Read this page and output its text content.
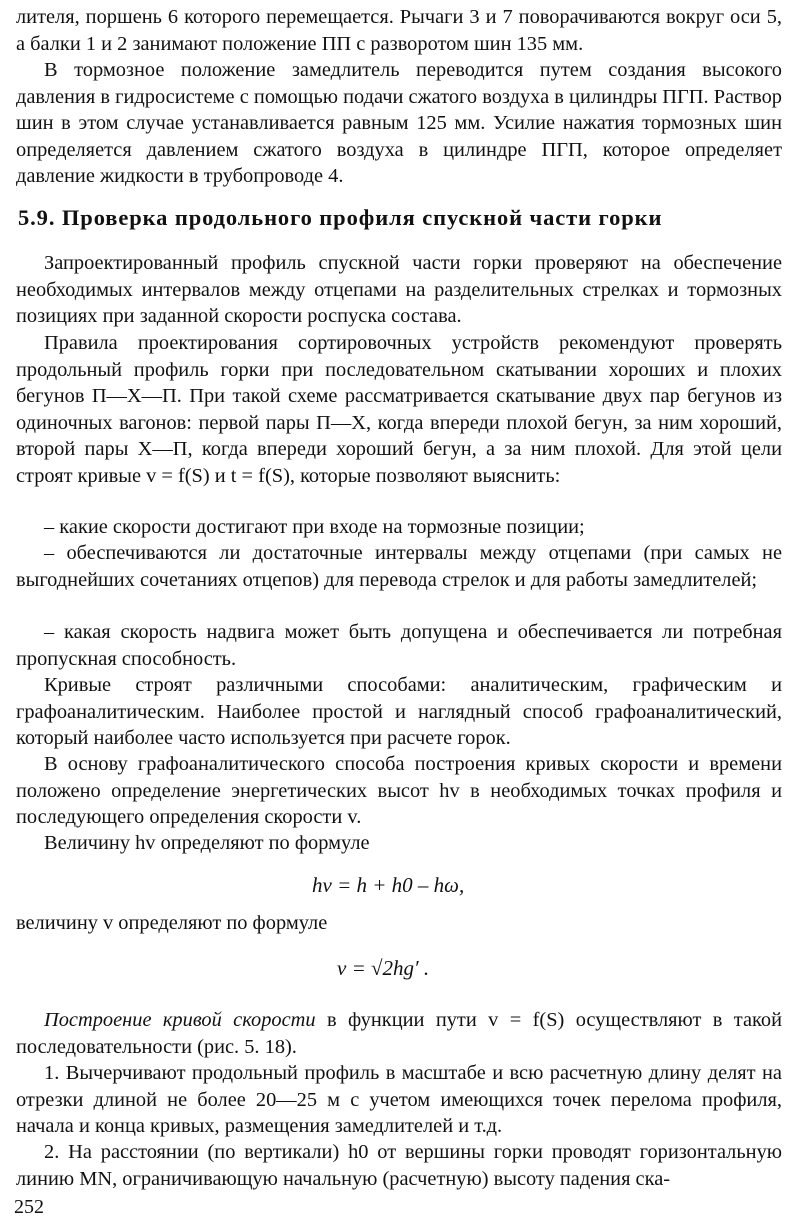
лителя, поршень 6 которого перемещается. Рычаги 3 и 7 поворачиваются вокруг оси 5, а балки 1 и 2 занимают положение ПП с разворотом шин 135 мм.

В тормозное положение замедлитель переводится путем создания высокого давления в гидросистеме с помощью подачи сжатого воздуха в цилиндры ПГП. Раствор шин в этом случае устанавливается равным 125 мм. Усилие нажатия тормозных шин определяется давлением сжатого воздуха в цилиндре ПГП, которое определяет давление жидкости в трубопроводе 4.

5.9. Проверка продольного профиля спускной части горки

Запроектированный профиль спускной части горки проверяют на обеспечение необходимых интервалов между отцепами на разделительных стрелках и тормозных позициях при заданной скорости роспуска состава.

Правила проектирования сортировочных устройств рекомендуют проверять продольный профиль горки при последовательном скатывании хороших и плохих бегунов П—Х—П. При такой схеме рассматривается скатывание двух пар бегунов из одиночных вагонов: первой пары П—Х, когда впереди плохой бегун, за ним хороший, второй пары Х—П, когда впереди хороший бегун, а за ним плохой. Для этой цели строят кривые v = f(S) и t = f(S), которые позволяют выяснить:

– какие скорости достигают при входе на тормозные позиции;

– обеспечиваются ли достаточные интервалы между отцепами (при самых не выгоднейших сочетаниях отцепов) для перевода стрелок и для работы замедлителей;

– какая скорость надвига может быть допущена и обеспечивается ли потребная пропускная способность.

Кривые строят различными способами: аналитическим, графическим и графоаналитическим. Наиболее простой и наглядный способ графоаналитический, который наиболее часто используется при расчете горок.

В основу графоаналитического способа построения кривых скорости и времени положено определение энергетических высот hv в необходимых точках профиля и последующего определения скорости v.

Величину hv определяют по формуле

hv = h + h0 – hω,

величину v определяют по формуле

v = √2hg′ .

Построение кривой скорости в функции пути v = f(S) осуществляют в такой последовательности (рис. 5. 18).

1. Вычерчивают продольный профиль в масштабе и всю расчетную длину делят на отрезки длиной не более 20—25 м с учетом имеющихся точек перелома профиля, начала и конца кривых, размещения замедлителей и т.д.

2. На расстоянии (по вертикали) h0 от вершины горки проводят горизонтальную линию MN, ограничивающую начальную (расчетную) высоту падения ска-

252
